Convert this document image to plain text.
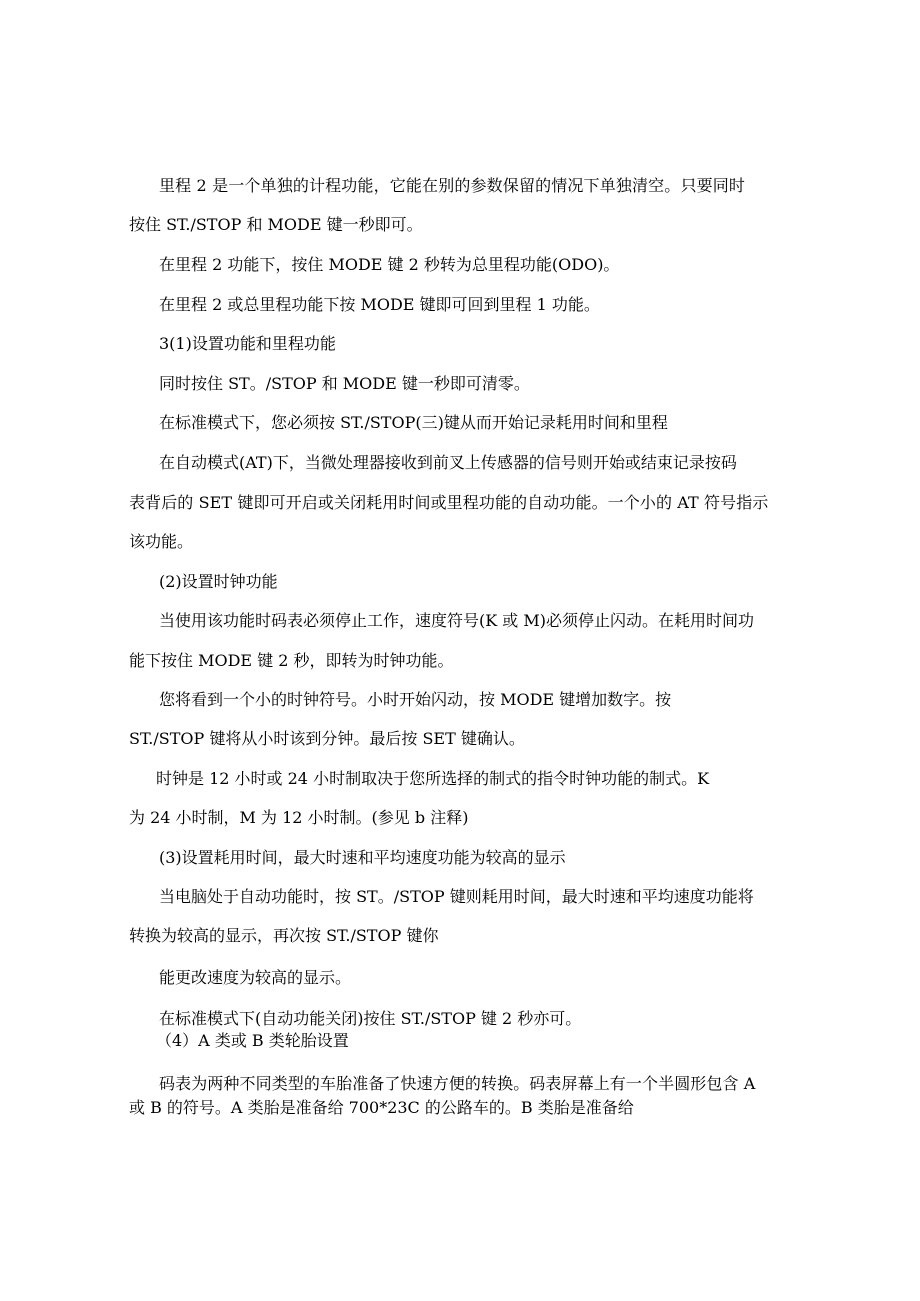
里程 2 是一个单独的计程功能，它能在别的参数保留的情况下单独清空。只要同时

按住 ST./STOP 和 MODE 键一秒即可。

在里程 2 功能下，按住 MODE 键 2 秒转为总里程功能(ODO)。

在里程 2 或总里程功能下按 MODE 键即可回到里程 1 功能。

3(1)设置功能和里程功能

同时按住 ST。/STOP 和 MODE 键一秒即可清零。

在标准模式下，您必须按 ST./STOP(三)键从而开始记录耗用时间和里程

在自动模式(AT)下，当微处理器接收到前叉上传感器的信号则开始或结束记录按码

表背后的 SET 键即可开启或关闭耗用时间或里程功能的自动功能。一个小的 AT 符号指示

该功能。

(2)设置时钟功能

当使用该功能时码表必须停止工作，速度符号(K 或 M)必须停止闪动。在耗用时间功

能下按住 MODE 键 2 秒，即转为时钟功能。

您将看到一个小的时钟符号。小时开始闪动，按 MODE 键增加数字。按

ST./STOP 键将从小时该到分钟。最后按 SET 键确认。

时钟是 12 小时或 24 小时制取决于您所选择的制式的指令时钟功能的制式。K

为 24 小时制，M 为 12 小时制。(参见 b 注释)

(3)设置耗用时间，最大时速和平均速度功能为较高的显示

当电脑处于自动功能时，按 ST。/STOP 键则耗用时间，最大时速和平均速度功能将

转换为较高的显示，再次按 ST./STOP 键你

能更改速度为较高的显示。

在标准模式下(自动功能关闭)按住 ST./STOP 键 2 秒亦可。

（4）A 类或 B 类轮胎设置

码表为两种不同类型的车胎准备了快速方便的转换。码表屏幕上有一个半圆形包含 A

或 B 的符号。A 类胎是准备给 700*23C 的公路车的。B 类胎是准备给
